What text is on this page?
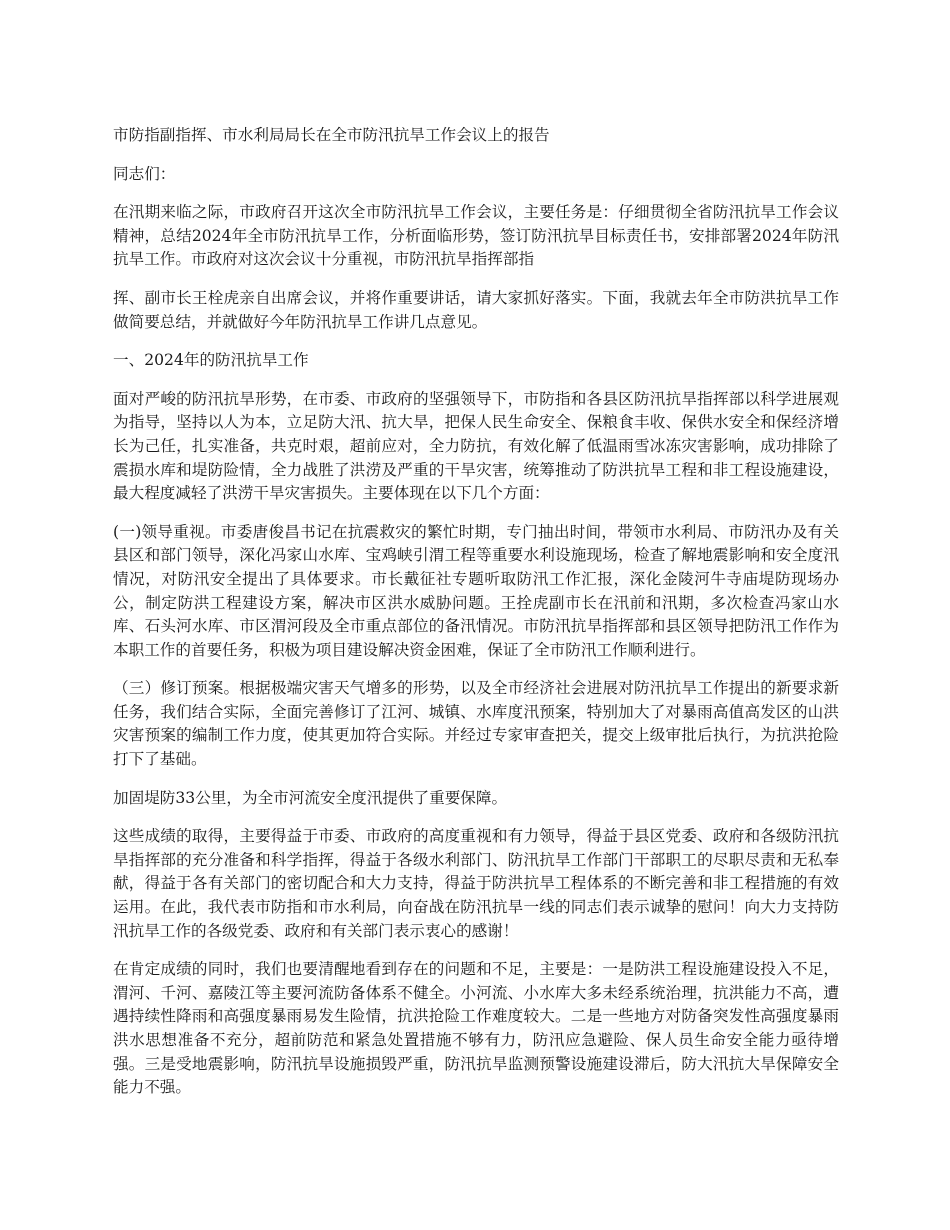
市防指副指挥、市水利局局长在全市防汛抗旱工作会议上的报告

同志们：

在汛期来临之际，市政府召开这次全市防汛抗旱工作会议，主要任务是：仔细贯彻全省防汛抗旱工作会议精神，总结2024年全市防汛抗旱工作，分析面临形势，签订防汛抗旱目标责任书，安排部署2024年防汛抗旱工作。市政府对这次会议十分重视，市防汛抗旱指挥部指

挥、副市长王栓虎亲自出席会议，并将作重要讲话，请大家抓好落实。下面，我就去年全市防洪抗旱工作做简要总结，并就做好今年防汛抗旱工作讲几点意见。

一、2024年的防汛抗旱工作

面对严峻的防汛抗旱形势，在市委、市政府的坚强领导下，市防指和各县区防汛抗旱指挥部以科学进展观为指导，坚持以人为本，立足防大汛、抗大旱，把保人民生命安全、保粮食丰收、保供水安全和保经济增长为己任，扎实准备，共克时艰，超前应对，全力防抗，有效化解了低温雨雪冰冻灾害影响，成功排除了震损水库和堤防险情，全力战胜了洪涝及严重的干旱灾害，统筹推动了防洪抗旱工程和非工程设施建设，最大程度减轻了洪涝干旱灾害损失。主要体现在以下几个方面：

(一)领导重视。市委唐俊昌书记在抗震救灾的繁忙时期，专门抽出时间，带领市水利局、市防汛办及有关县区和部门领导，深化冯家山水库、宝鸡峡引渭工程等重要水利设施现场，检查了解地震影响和安全度汛情况，对防汛安全提出了具体要求。市长戴征社专题听取防汛工作汇报，深化金陵河牛寺庙堤防现场办公，制定防洪工程建设方案，解决市区洪水威胁问题。王拴虎副市长在汛前和汛期，多次检查冯家山水库、石头河水库、市区渭河段及全市重点部位的备汛情况。市防汛抗旱指挥部和县区领导把防汛工作作为本职工作的首要任务，积极为项目建设解决资金困难，保证了全市防汛工作顺利进行。

（三）修订预案。根据极端灾害天气增多的形势，以及全市经济社会进展对防汛抗旱工作提出的新要求新任务，我们结合实际，全面完善修订了江河、城镇、水库度汛预案，特别加大了对暴雨高值高发区的山洪灾害预案的编制工作力度，使其更加符合实际。并经过专家审查把关，提交上级审批后执行，为抗洪抢险打下了基础。

加固堤防33公里，为全市河流安全度汛提供了重要保障。

这些成绩的取得，主要得益于市委、市政府的高度重视和有力领导，得益于县区党委、政府和各级防汛抗旱指挥部的充分准备和科学指挥，得益于各级水利部门、防汛抗旱工作部门干部职工的尽职尽责和无私奉献，得益于各有关部门的密切配合和大力支持，得益于防洪抗旱工程体系的不断完善和非工程措施的有效运用。在此，我代表市防指和市水利局，向奋战在防汛抗旱一线的同志们表示诚挚的慰问！向大力支持防汛抗旱工作的各级党委、政府和有关部门表示衷心的感谢！

在肯定成绩的同时，我们也要清醒地看到存在的问题和不足，主要是：一是防洪工程设施建设投入不足，渭河、千河、嘉陵江等主要河流防备体系不健全。小河流、小水库大多未经系统治理，抗洪能力不高，遭遇持续性降雨和高强度暴雨易发生险情，抗洪抢险工作难度较大。二是一些地方对防备突发性高强度暴雨洪水思想准备不充分，超前防范和紧急处置措施不够有力，防汛应急避险、保人员生命安全能力亟待增强。三是受地震影响，防汛抗旱设施损毁严重，防汛抗旱监测预警设施建设滞后，防大汛抗大旱保障安全能力不强。
